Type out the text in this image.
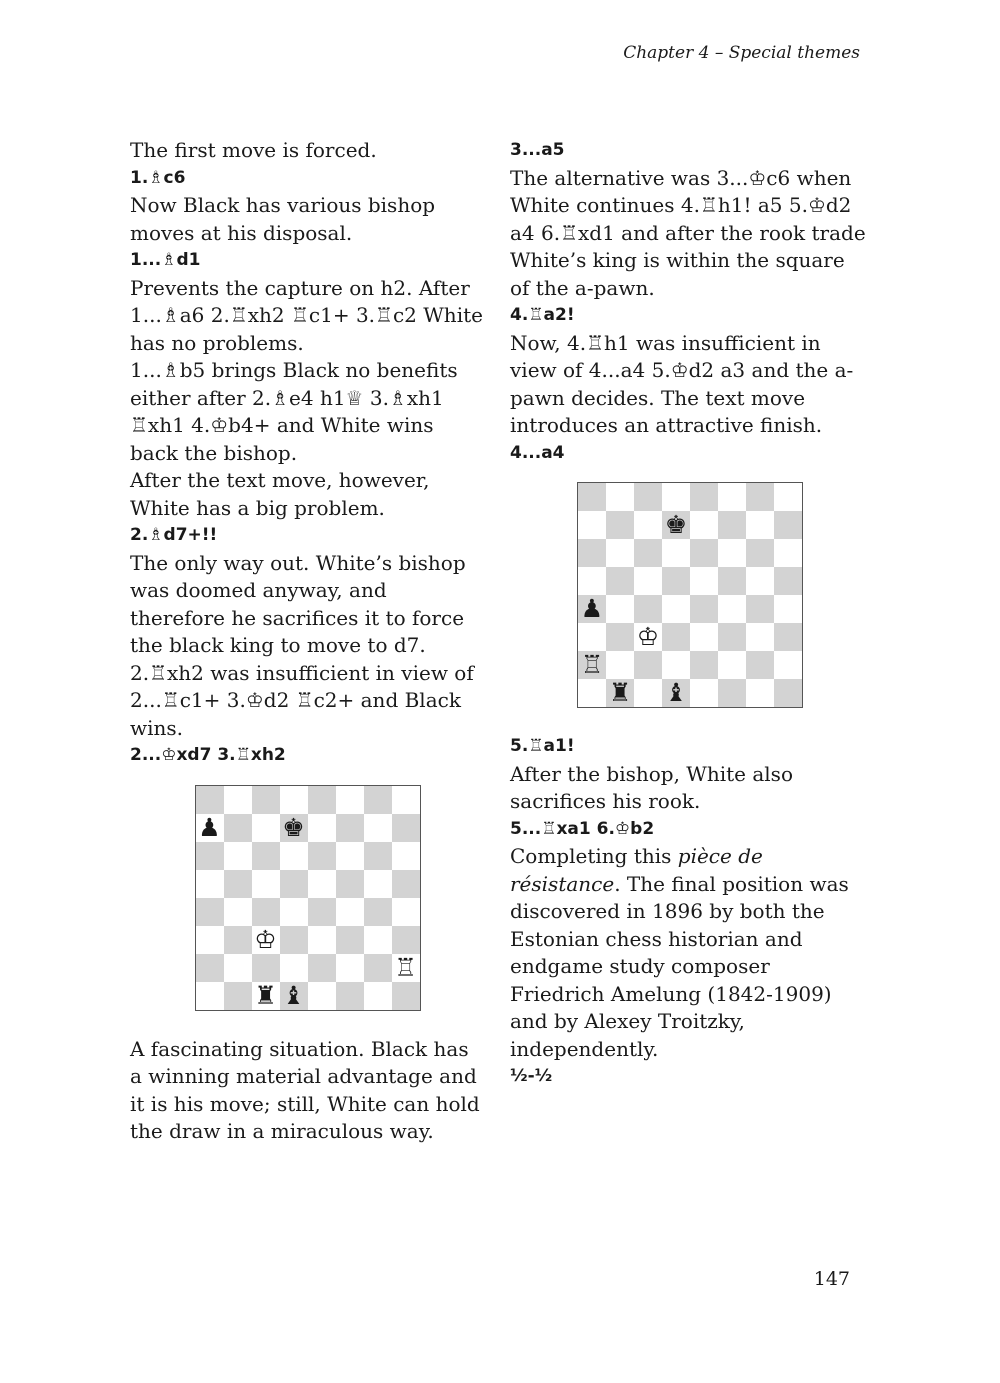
Chapter 4 – Special themes

The first move is forced.

1.♗c6

Now Black has various bishop moves at his disposal.

1...♗d1

Prevents the capture on h2. After 1...♗a6 2.♖xh2 ♖c1+ 3.♖c2 White has no problems.

1...♗b5 brings Black no benefits either after 2.♗e4 h1♕ 3.♗xh1 ♖xh1 4.♔b4+ and White wins back the bishop.

After the text move, however, White has a big problem.

2.♗d7+!!

The only way out. White’s bishop was doomed anyway, and therefore he sacrifices it to force the black king to move to d7. 2.♖xh2 was insufficient in view of 2...♖c1+ 3.♔d2 ♖c2+ and Black wins.

2...♔xd7 3.♖xh2
♟ ♚
♔
♖
♜ ♝

A fascinating situation. Black has a winning material advantage and it is his move; still, White can hold the draw in a miraculous way.

3...a5

The alternative was 3...♔c6 when White continues 4.♖h1! a5 5.♔d2 a4 6.♖xd1 and after the rook trade White’s king is within the square of the a-pawn.

4.♖a2!

Now, 4.♖h1 was insufficient in view of 4...a4 5.♔d2 a3 and the a-pawn decides. The text move introduces an attractive finish.

4...a4
♚
♟
♔
♖
♜ ♝
5.♖a1!

After the bishop, White also sacrifices his rook.

5...♖xa1 6.♔b2

Completing this pièce de résistance. The final position was discovered in 1896 by both the Estonian chess historian and endgame study composer Friedrich Amelung (1842-1909) and by Alexey Troitzky, independently.

½-½
147
